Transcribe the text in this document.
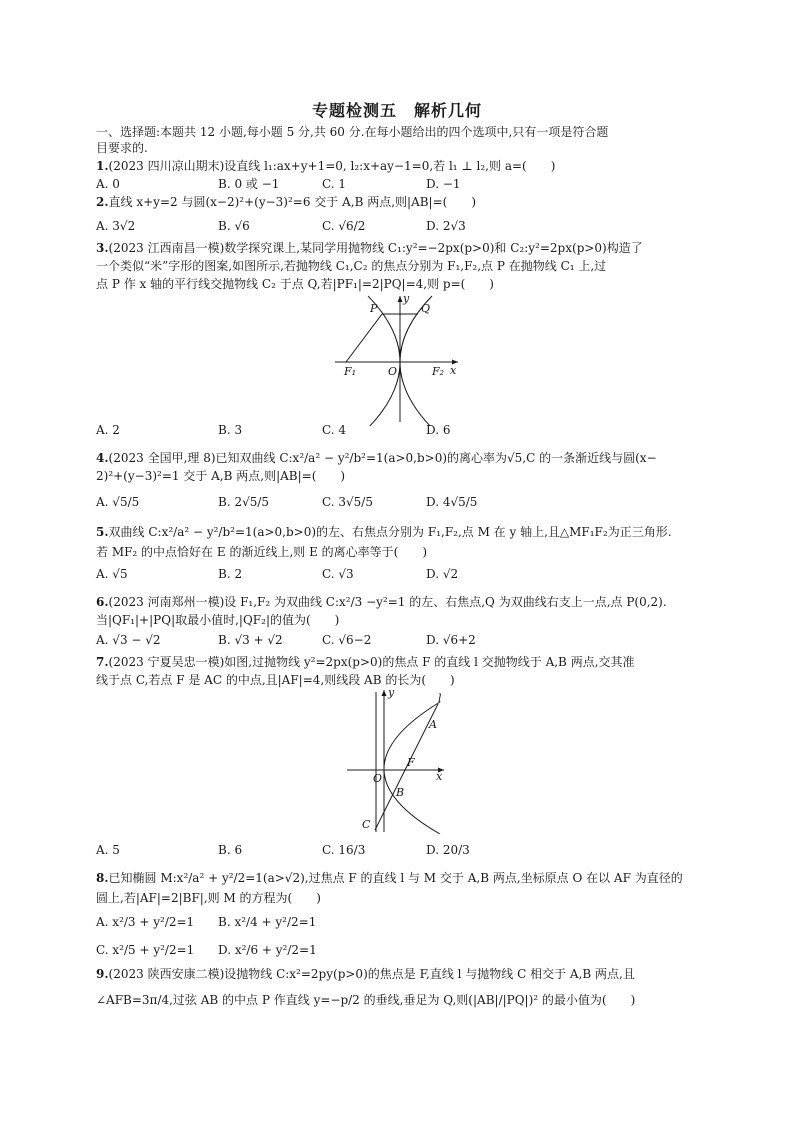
专题检测五　解析几何
一、选择题:本题共 12 小题,每小题 5 分,共 60 分.在每小题给出的四个选项中,只有一项是符合题
目要求的.
1.(2023 四川凉山期末)设直线 l₁:ax+y+1=0, l₂:x+ay−1=0,若 l₁ ⊥ l₂,则 a=(　　)
A. 0	B. 0 或 −1	C. 1	D. −1
2.直线 x+y=2 与圆(x−2)²+(y−3)²=6 交于 A,B 两点,则|AB|=(　　)
A. 3√2	B. √6	C. √6/2	D. 2√3
3.(2023 江西南昌一模)数学探究课上,某同学用抛物线 C₁:y²=−2px(p>0)和 C₂:y²=2px(p>0)构造了
一个类似“米”字形的图案,如图所示,若抛物线 C₁,C₂ 的焦点分别为 F₁,F₂,点 P 在抛物线 C₁ 上,过
点 P 作 x 轴的平行线交抛物线 C₂ 于点 Q,若|PF₁|=2|PQ|=4,则 p=(　　)
P	Q
y
x
F₁	O	F₂
A. 2	B. 3	C. 4	D. 6
4.(2023 全国甲,理 8)已知双曲线 C:x²/a² − y²/b²=1(a>0,b>0)的离心率为√5,C 的一条渐近线与圆(x−
2)²+(y−3)²=1 交于 A,B 两点,则|AB|=(　　)
A. √5/5	B. 2√5/5	C. 3√5/5	D. 4√5/5
5.双曲线 C:x²/a² − y²/b²=1(a>0,b>0)的左、右焦点分别为 F₁,F₂,点 M 在 y 轴上,且△MF₁F₂为正三角形.
若 MF₂ 的中点恰好在 E 的渐近线上,则 E 的离心率等于(　　)
A. √5	B. 2	C. √3	D. √2
6.(2023 河南郑州一模)设 F₁,F₂ 为双曲线 C:x²/3 −y²=1 的左、右焦点,Q 为双曲线右支上一点,点 P(0,2).
当|QF₁|+|PQ|取最小值时,|QF₂|的值为(　　)
A. √3 − √2	B. √3 + √2	C. √6−2	D. √6+2
7.(2023 宁夏吴忠一模)如图,过抛物线 y²=2px(p>0)的焦点 F 的直线 l 交抛物线于 A,B 两点,交其准
线于点 C,若点 F 是 AC 的中点,且|AF|=4,则线段 AB 的长为(　　)
y	l
A
F
O	x
B
C
A. 5	B. 6	C. 16/3	D. 20/3
8.已知椭圆 M:x²/a² + y²/2=1(a>√2),过焦点 F 的直线 l 与 M 交于 A,B 两点,坐标原点 O 在以 AF 为直径的
圆上,若|AF|=2|BF|,则 M 的方程为(　　)
A. x²/3 + y²/2=1 B. x²/4 + y²/2=1
C. x²/5 + y²/2=1 D. x²/6 + y²/2=1
9.(2023 陕西安康二模)设抛物线 C:x²=2py(p>0)的焦点是 F,直线 l 与抛物线 C 相交于 A,B 两点,且
∠AFB=3π/4,过弦 AB 的中点 P 作直线 y=−p/2 的垂线,垂足为 Q,则(|AB|/|PQ|)² 的最小值为(　　)
